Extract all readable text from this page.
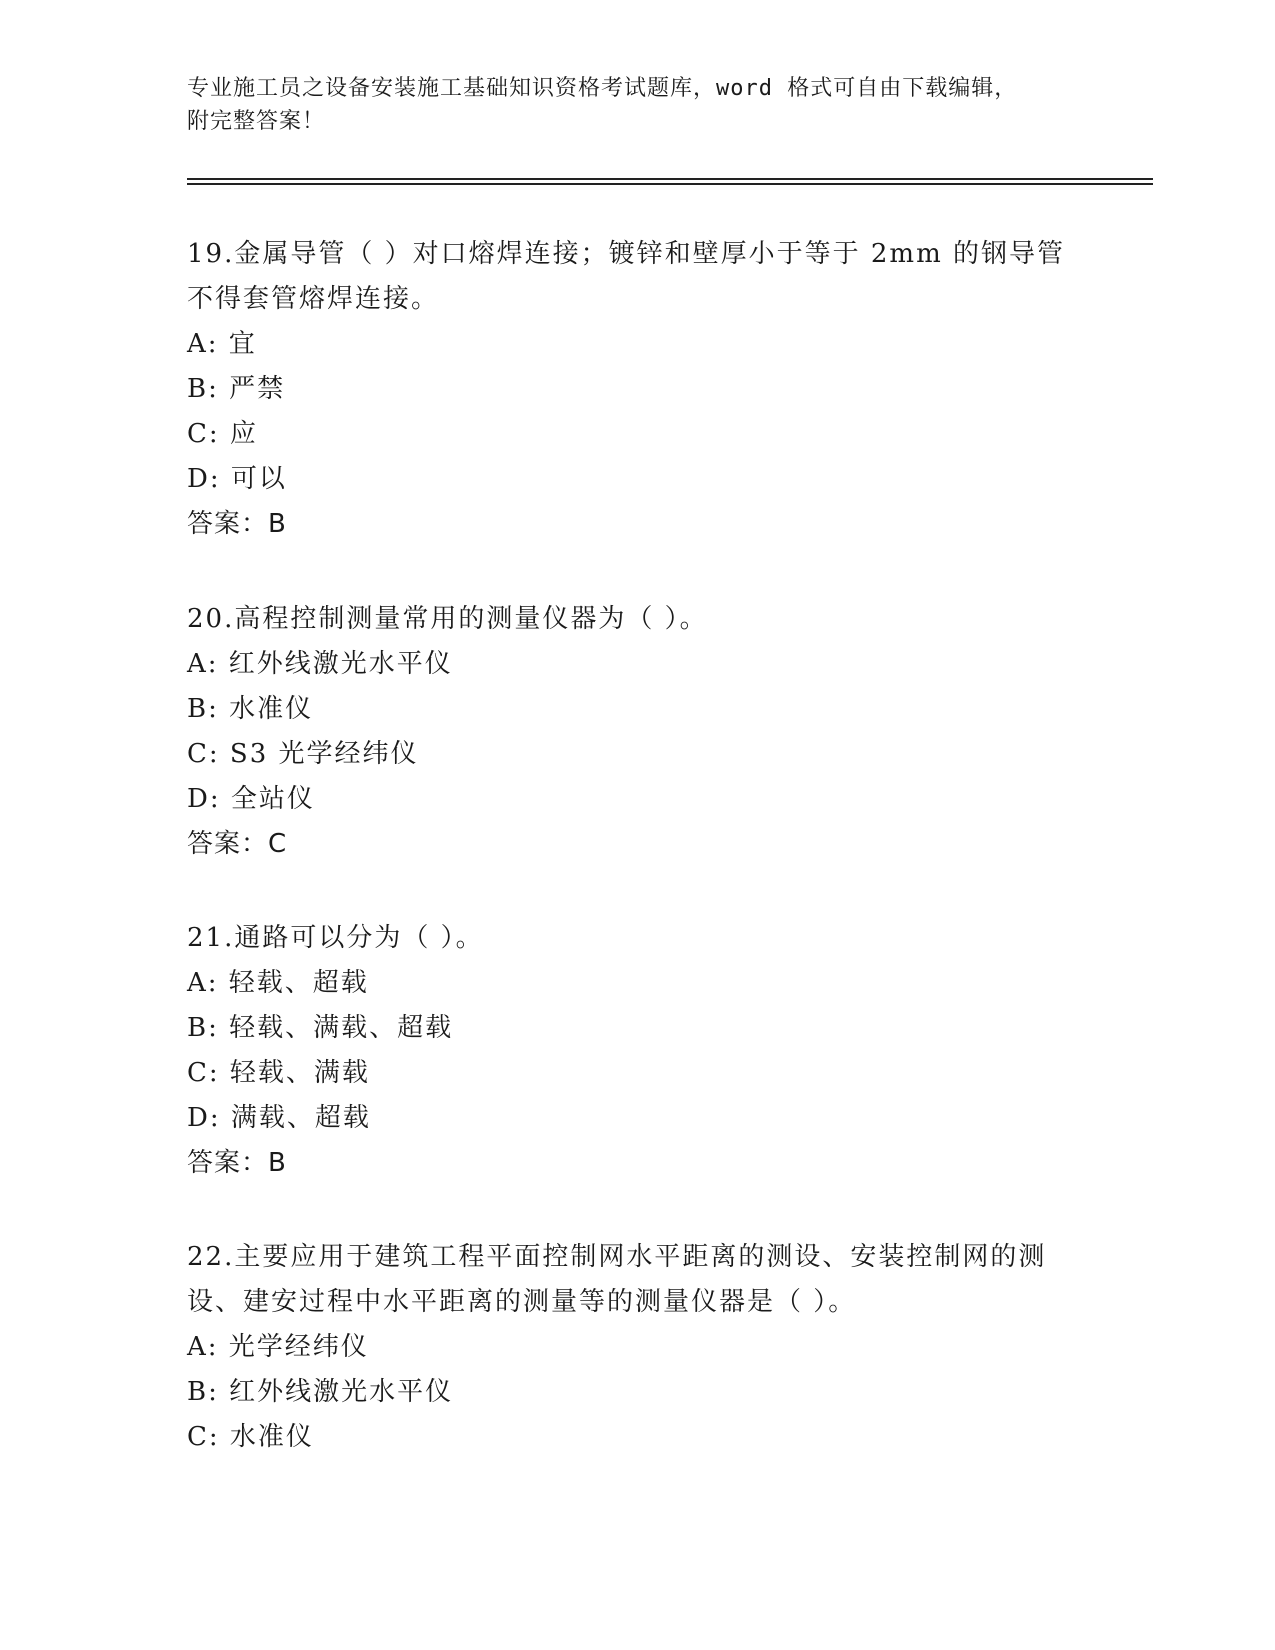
专业施工员之设备安装施工基础知识资格考试题库，word 格式可自由下载编辑，
附完整答案！
19.金属导管（ ）对口熔焊连接；镀锌和壁厚小于等于 2mm 的钢导管
不得套管熔焊连接。
A: 宜
B: 严禁
C: 应
D: 可以
答案：B
20.高程控制测量常用的测量仪器为（ ）。
A: 红外线激光水平仪
B: 水准仪
C: S3 光学经纬仪
D: 全站仪
答案：C
21.通路可以分为（ ）。
A: 轻载、超载
B: 轻载、满载、超载
C: 轻载、满载
D: 满载、超载
答案：B
22.主要应用于建筑工程平面控制网水平距离的测设、安装控制网的测
设、建安过程中水平距离的测量等的测量仪器是（ ）。
A: 光学经纬仪
B: 红外线激光水平仪
C: 水准仪
